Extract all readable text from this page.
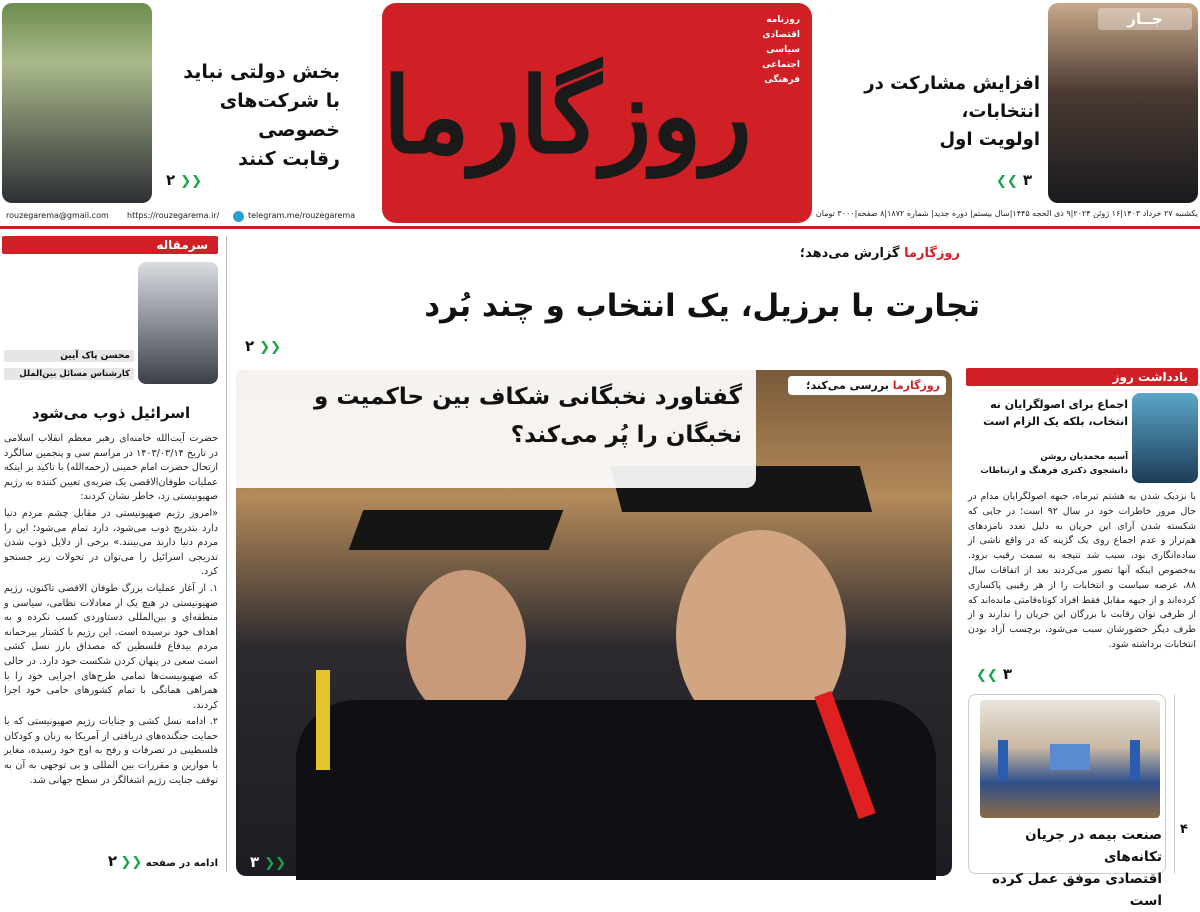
روزگارما
روزنامه
اقتصادی
سیاسی
اجتماعی
فرهنگی
بخش دولتی نباید
با شرکت‌های خصوصی
رقابت کنند
۲ ❯❯
جــار
افزایش مشارکت در انتخابات،
اولویت اول
❮❮ ۳
rouzegarema@gmail.com https://rouzegarema.ir/	telegram.me/rouzegarema	یکشنبه ۲۷ خرداد ۱۴۰۳|۱۶ ژوئن ۲۰۲۴|۹ ذی الحجه ۱۴۴۵|سال بیستم| دوره جدید| شماره ۱۸۷۲|۸ صفحه|۳۰۰۰ تومان
سرمقاله
محسن پاک آیین
کارشناس مسائل بین‌الملل
اسرائیل ذوب می‌شود

حضرت آیت‌الله خامنه‌ای رهبر معظم انقلاب اسلامی در تاریخ ۱۴۰۳/۰۳/۱۴ در مراسم سی و پنجمین سالگرد ارتحال حضرت امام خمینی (رحمه‌الله) با تاکید بر اینکه عملیات طوفان‌الاقصی یک ضربه‌ی تعیین کننده به رژیم صهیونیستی زد، خاطر نشان کردند:

«امروز رژیم صهیونیستی در مقابل چشم مردم دنیا دارد بتدریج ذوب می‌شود، دارد تمام می‌شود؛ این را مردم دنیا دارند می‌بینند.» برخی از دلایل ذوب شدن تدریجی اسرائیل را می‌توان در تحولات زیر جستجو کرد.

۱. از آغاز عملیات بزرگ طوفان الاقصی تاکنون، رژیم صهیونیستی در هیچ یک از معادلات نظامی، سیاسی و منطقه‌ای و بین‌المللی دستاوردی کسب نکرده و به اهداف خود نرسیده است. این رژیم با کشتار بیرحمانه مردم بیدفاع فلسطین که مصداق بارز نسل کشی است سعی در پنهان کردن شکست خود دارد. در حالی که صهیونیست‌ها تمامی طرح‌های اجرایی خود را با همراهی همانگی با تمام کشورهای حامی خود اجرا کردند.

۲. ادامه نسل کشی و جنایات رژیم صهیونیستی که با حمایت جنگنده‌های دریافتی از آمریکا به زنان و کودکان فلسطینی در تصرفات و رفح به اوج خود رسیده، مغایر با موازین و مقررات بین المللی و بی توجهی به آن به توقف جنایت رژیم اشغالگر در سطح جهانی شد.

ادامه در صفحه ❮❮ ۲
روزگارما گزارش می‌دهد؛
تجارت با برزیل، یک انتخاب و چند بُرد
۲ ❯❯
گفتاورد نخبگانی شکاف بین حاکمیت و
نخبگان را پُر می‌کند؟
روزگارما بررسی می‌کند؛
۳ ❯❯
یادداشت روز
اجماع برای اصولگرایان نه انتخاب، بلکه یک الزام است
آسیه محمدیان روشن
دانشجوی دکتری فرهنگ و ارتباطات
با نزدیک شدن به هشتم تیرماه، جبهه اصولگرایان مدام در حال مرور خاطرات خود در سال ۹۲ است؛ در جایی که شکسته شدن آرای این جریان به دلیل تعدد نامزدهای هم‌تراز و عدم اجماع روی یک گزینه که در واقع ناشی از ساده‌انگاری بود، سبب شد نتیجه به سمت رقیب برود. به‌خصوص اینکه آنها تصور می‌کردند بعد از اتفاقات سال ۸۸، عرصه سیاست و انتخابات را از هر رقیبی پاکسازی کرده‌اند و از جبهه مقابل فقط افراد کوتاه‌قامتی مانده‌اند که از طرفی توان رقابت با بزرگان این جریان را ندارند و از طرف دیگر حضورشان سبب می‌شود، برچسب آزاد بودن انتخابات برداشته شود.
❮❮ ۳
صنعت بیمه در جریان تکانه‌های
اقتصادی موفق عمل کرده است
۴
